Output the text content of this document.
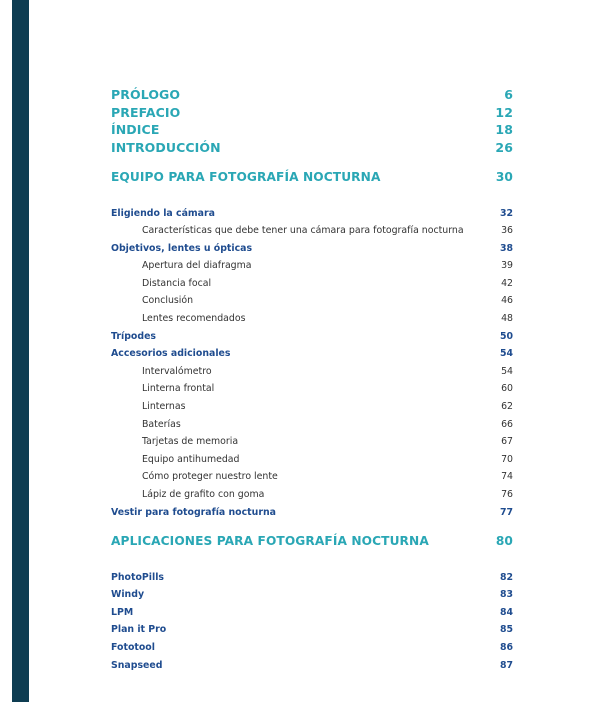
PRÓLOGO	6
PREFACIO	12
ÍNDICE	18
INTRODUCCIÓN	26
EQUIPO PARA FOTOGRAFÍA NOCTURNA	30
Eligiendo la cámara	32
Características que debe tener una cámara para fotografía nocturna	36
Objetivos, lentes u ópticas	38
Apertura del diafragma	39
Distancia focal	42
Conclusión	46
Lentes recomendados	48
Trípodes	50
Accesorios adicionales	54
Intervalómetro	54
Linterna frontal	60
Linternas	62
Baterías	66
Tarjetas de memoria	67
Equipo antihumedad	70
Cómo proteger nuestro lente	74
Lápiz de grafito con goma	76
Vestir para fotografía nocturna	77
APLICACIONES PARA FOTOGRAFÍA NOCTURNA	80
PhotoPills	82
Windy	83
LPM	84
Plan it Pro	85
Fototool	86
Snapseed	87
